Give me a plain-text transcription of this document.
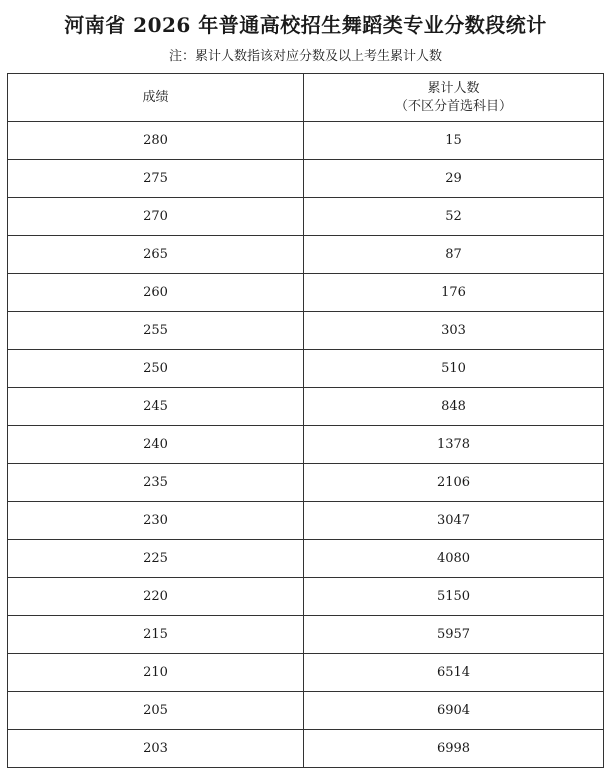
河南省 2026 年普通高校招生舞蹈类专业分数段统计
注：累计人数指该对应分数及以上考生累计人数
成绩	累计人数
（不区分首选科目）

280	15
275	29
270	52
265	87
260	176
255	303
250	510
245	848
240	1378
235	2106
230	3047
225	4080
220	5150
215	5957
210	6514
205	6904
203	6998
